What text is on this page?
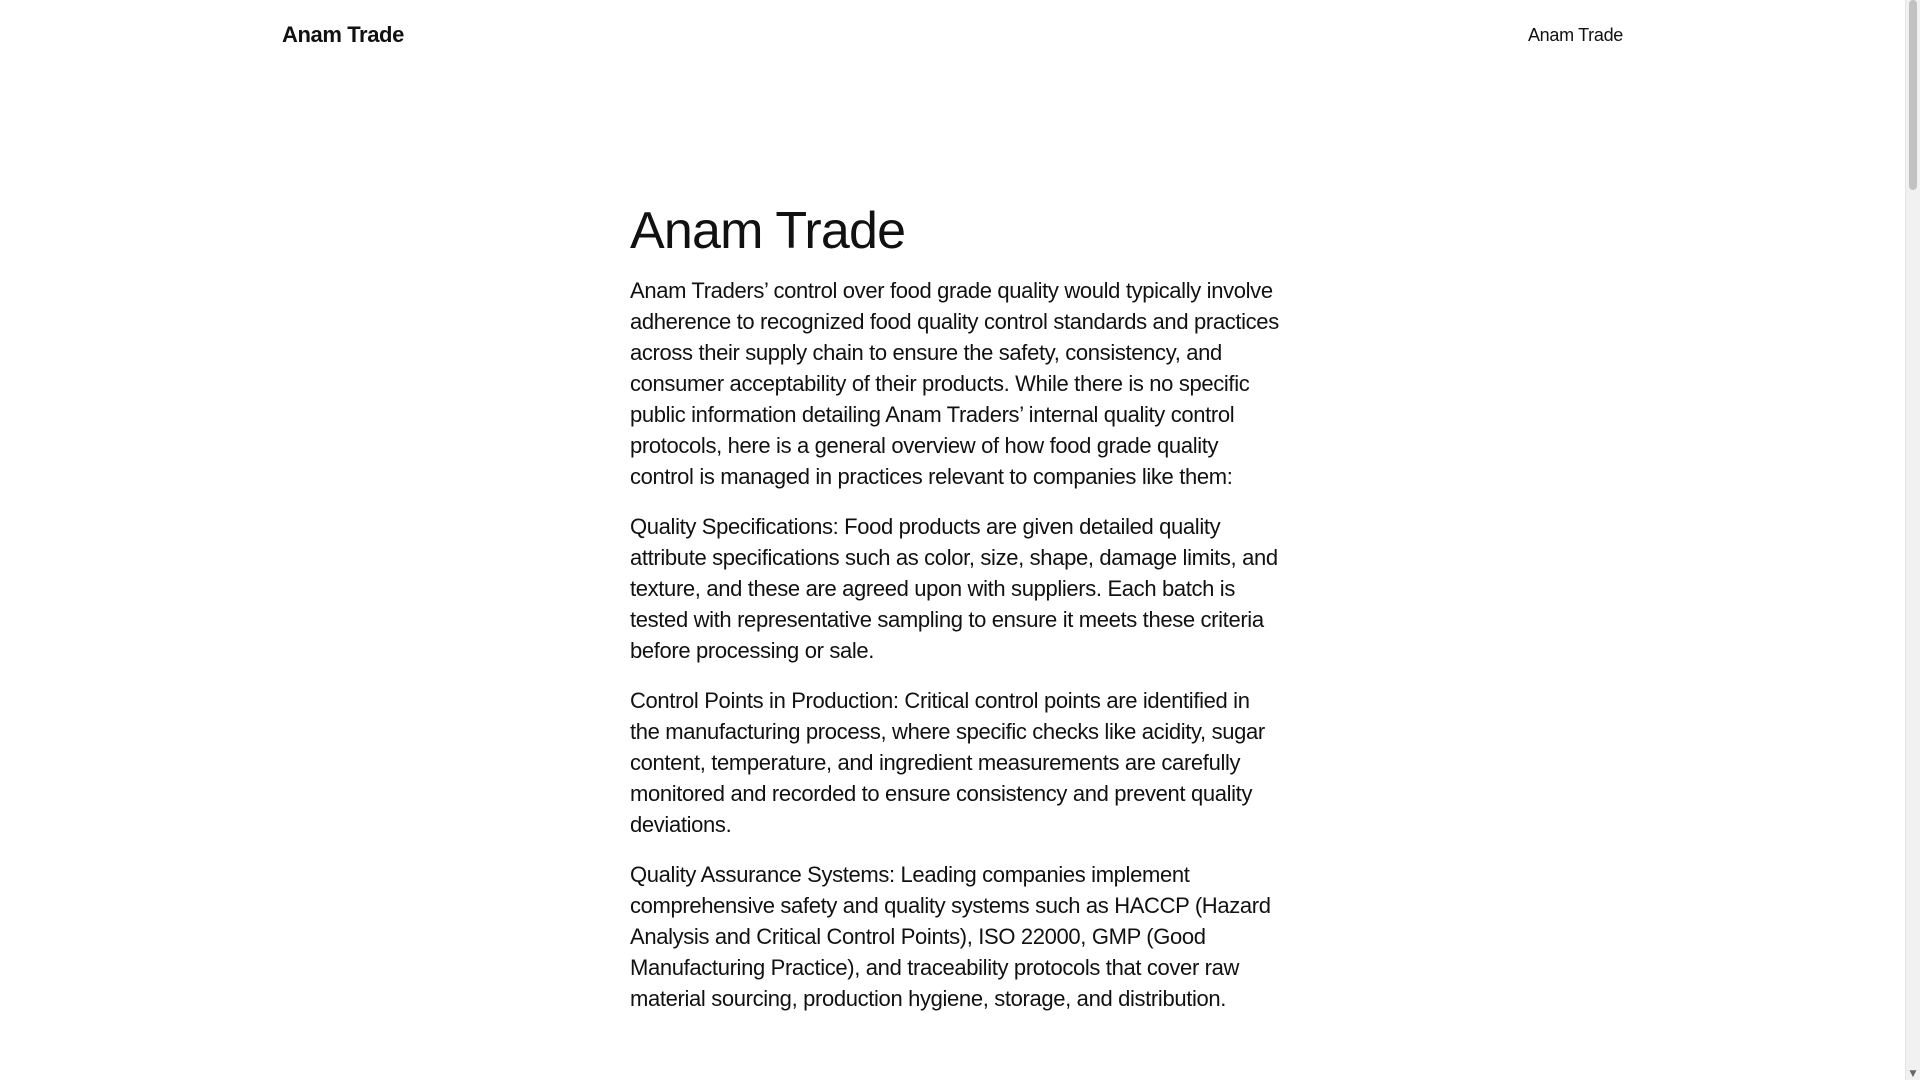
Anam Trade	Anam Trade
Anam Trade

Anam Traders’ control over food grade quality would typically involve adherence to recognized food quality control standards and practices across their supply chain to ensure the safety, consistency, and consumer acceptability of their products. While there is no specific public information detailing Anam Traders’ internal quality control protocols, here is a general overview of how food grade quality control is managed in practices relevant to companies like them:

Quality Specifications: Food products are given detailed quality attribute specifications such as color, size, shape, damage limits, and texture, and these are agreed upon with suppliers. Each batch is tested with representative sampling to ensure it meets these criteria before processing or sale.

Control Points in Production: Critical control points are identified in the manufacturing process, where specific checks like acidity, sugar content, temperature, and ingredient measurements are carefully monitored and recorded to ensure consistency and prevent quality deviations.

Quality Assurance Systems: Leading companies implement comprehensive safety and quality systems such as HACCP (Hazard Analysis and Critical Control Points), ISO 22000, GMP (Good Manufacturing Practice), and traceability protocols that cover raw material sourcing, production hygiene, storage, and distribution.

▼
